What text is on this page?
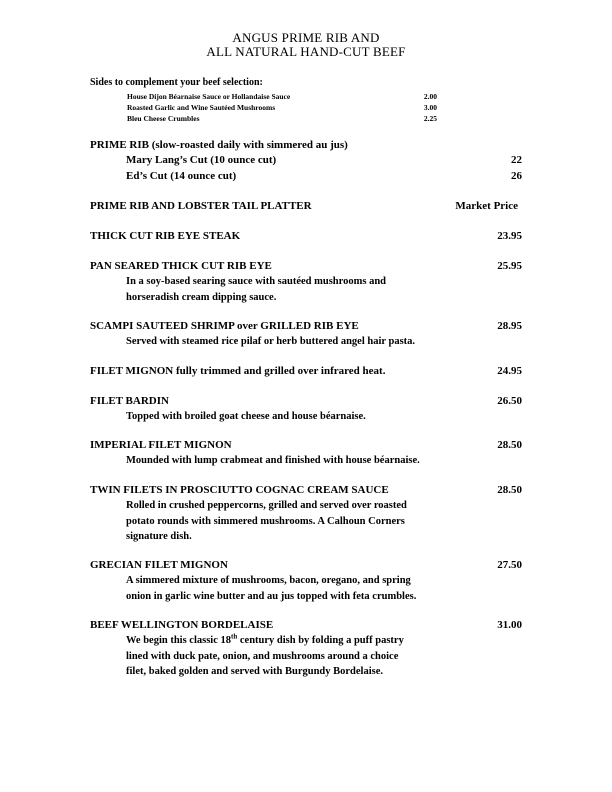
ANGUS PRIME RIB AND
ALL NATURAL HAND-CUT BEEF
Sides to complement your beef selection:
House Dijon Béarnaise Sauce or Hollandaise Sauce	2.00
Roasted Garlic and Wine Sautéed Mushrooms	3.00
Bleu Cheese Crumbles	2.25
PRIME RIB (slow-roasted daily with simmered au jus)
Mary Lang’s Cut (10 ounce cut)	22
Ed’s Cut (14 ounce cut)	26
PRIME RIB AND LOBSTER TAIL PLATTER	Market Price
THICK CUT RIB EYE STEAK	23.95
PAN SEARED THICK CUT RIB EYE	25.95
In a soy-based searing sauce with sautéed mushrooms and
horseradish cream dipping sauce.
SCAMPI SAUTEED SHRIMP over GRILLED RIB EYE	28.95
Served with steamed rice pilaf or herb buttered angel hair pasta.
FILET MIGNON fully trimmed and grilled over infrared heat.	24.95
FILET BARDIN	26.50
Topped with broiled goat cheese and house béarnaise.
IMPERIAL FILET MIGNON	28.50
Mounded with lump crabmeat and finished with house béarnaise.
TWIN FILETS IN PROSCIUTTO COGNAC CREAM SAUCE	28.50
Rolled in crushed peppercorns, grilled and served over roasted
potato rounds with simmered mushrooms. A Calhoun Corners
signature dish.
GRECIAN FILET MIGNON	27.50
A simmered mixture of mushrooms, bacon, oregano, and spring
onion in garlic wine butter and au jus topped with feta crumbles.
BEEF WELLINGTON BORDELAISE	31.00
We begin this classic 18th century dish by folding a puff pastry
lined with duck pate, onion, and mushrooms around a choice
filet, baked golden and served with Burgundy Bordelaise.
